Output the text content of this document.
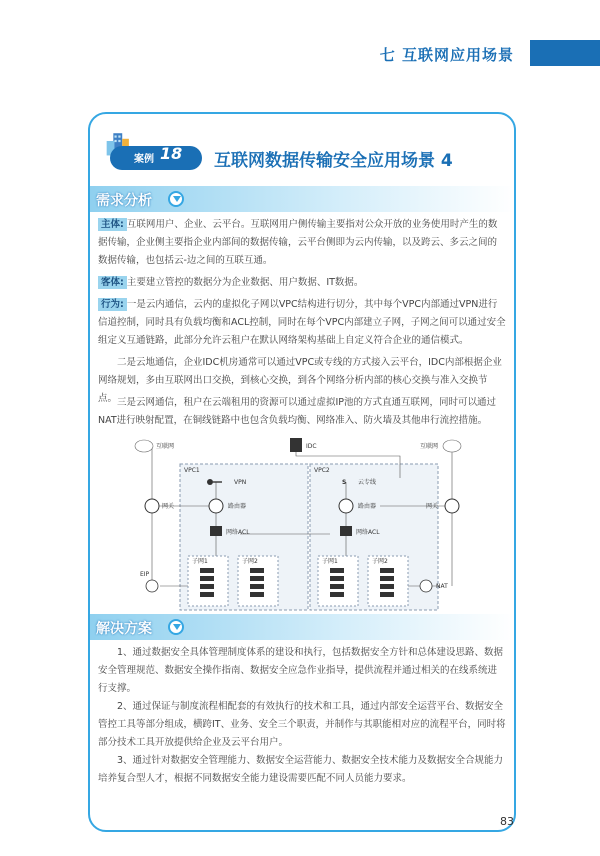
七 互联网应用场景
案例 18 互联网数据传输安全应用场景 4
需求分析
主体: 互联网用户、企业、云平台。互联网用户侧传输主要指对公众开放的业务使用时产生的数据传输，企业侧主要指企业内部间的数据传输，云平台侧即为云内传输，以及跨云、多云之间的数据传输，也包括云-边之间的互联互通。
客体: 主要建立管控的数据分为企业数据、用户数据、IT数据。
行为: 一是云内通信，云内的虚拟化子网以VPC结构进行切分，其中每个VPC内部通过VPN进行信道控制，同时具有负载均衡和ACL控制，同时在每个VPC内部建立子网，子网之间可以通过安全组定义互通链路，此部分允许云租户在默认网络架构基础上自定义符合企业的通信模式。
二是云地通信，企业IDC机房通常可以通过VPC或专线的方式接入云平台，IDC内部根据企业网络规划，多由互联网出口交换，到核心交换，到各个网络分析内部的核心交换与准入交换节点。 三是云网通信，租户在云端租用的资源可以通过虚拟IP池的方式直通互联网，同时可以通过NAT进行映射配置，在铜线链路中也包含负载均衡、网络准入、防火墙及其他串行流控措施。
VPC1	VPC2
互联网	互联网
IDC
网关	网关
VPN	S 云专线
路由器	路由器
网络ACL	网络ACL
子网1	子网2	子网1	子网2
EIP
NAT
解决方案
1、通过数据安全具体管理制度体系的建设和执行，包括数据安全方针和总体建设思路、数据安全管理规范、数据安全操作指南、数据安全应急作业指导，提供流程并通过相关的在线系统进行支撑。
2、通过保证与制度流程相配套的有效执行的技术和工具，通过内部安全运营平台、数据安全管控工具等部分组成，横跨IT、业务、安全三个职责，并制作与其职能相对应的流程平台，同时将部分技术工具开放提供给企业及云平台用户。
3、通过针对数据安全管理能力、数据安全运营能力、数据安全技术能力及数据安全合规能力培养复合型人才，根据不同数据安全能力建设需要匹配不同人员能力要求。
83
